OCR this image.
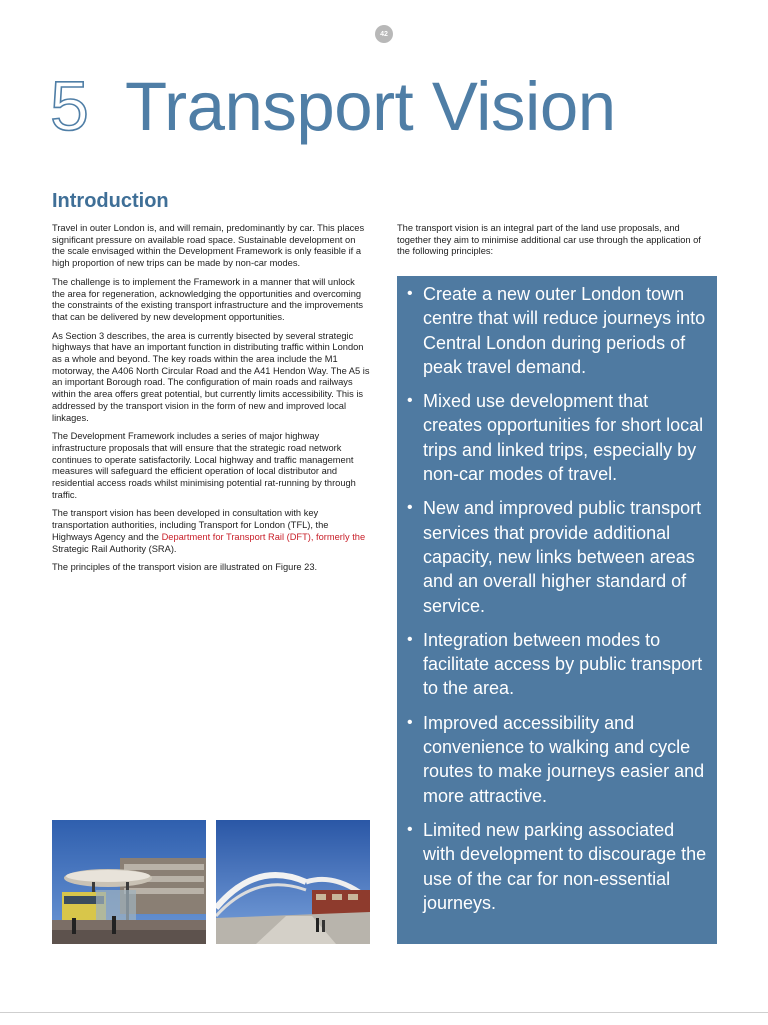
42
5 Transport Vision
Introduction

Travel in outer London is, and will remain, predominantly by car. This places significant pressure on available road space. Sustainable development on the scale envisaged within the Development Framework is only feasible if a high proportion of new trips can be made by non-car modes.

The challenge is to implement the Framework in a manner that will unlock the area for regeneration, acknowledging the opportunities and overcoming the constraints of the existing transport infrastructure and the improvements that can be delivered by new development opportunities.

As Section 3 describes, the area is currently bisected by several strategic highways that have an important function in distributing traffic within London as a whole and beyond. The key roads within the area include the M1 motorway, the A406 North Circular Road and the A41 Hendon Way. The A5 is an important Borough road. The configuration of main roads and railways within the area offers great potential, but currently limits accessibility. This is addressed by the transport vision in the form of new and improved local linkages.

The Development Framework includes a series of major highway infrastructure proposals that will ensure that the strategic road network continues to operate satisfactorily. Local highway and traffic management measures will safeguard the efficient operation of local distributor and residential access roads whilst minimising potential rat-running by through traffic.

The transport vision has been developed in consultation with key transportation authorities, including Transport for London (TFL), the Highways Agency and the Department for Transport Rail (DFT), formerly the Strategic Rail Authority (SRA).

The principles of the transport vision are illustrated on Figure 23.

The transport vision is an integral part of the land use proposals, and together they aim to minimise additional car use through the application of the following principles:

• Create a new outer London town centre that will reduce journeys into Central London during periods of peak travel demand.
• Mixed use development that creates opportunities for short local trips and linked trips, especially by non-car modes of travel.
• New and improved public transport services that provide additional capacity, new links between areas and an overall higher standard of service.
• Integration between modes to facilitate access by public transport to the area.
• Improved accessibility and convenience to walking and cycle routes to make journeys easier and more attractive.
• Limited new parking associated with development to discourage the use of the car for non-essential journeys.
